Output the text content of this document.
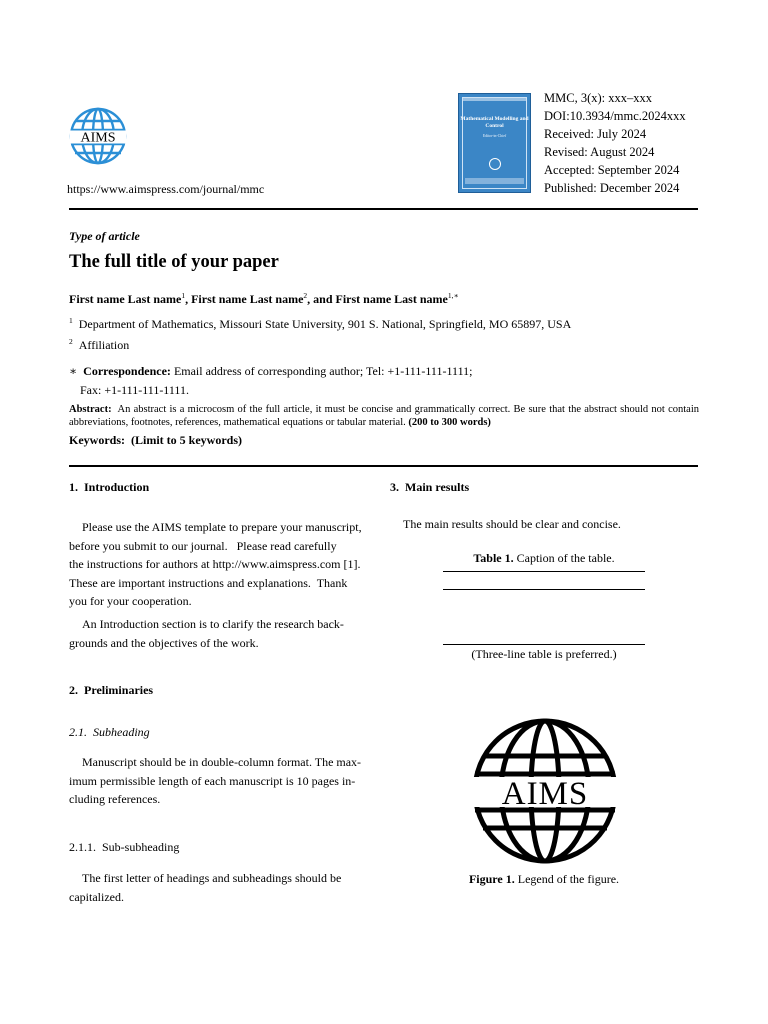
AIMS
https://www.aimspress.com/journal/mmc
Mathematical Modelling and Control
Editor-in-Chief
MMC, 3(x): xxx–xxx
DOI:10.3934/mmc.2024xxx
Received: July 2024
Revised: August 2024
Accepted: September 2024
Published: December 2024
Type of article
The full title of your paper
First name Last name$^1$, First name Last name$^2$, and First name Last name$^{1,∗}$
$^1$ Department of Mathematics, Missouri State University, 901 S. National, Springfield, MO 65897, USA
$^2$ Affiliation
∗ Correspondence: Email address of corresponding author; Tel: +1-111-111-1111;
Fax: +1-111-111-1111.
Abstract: An abstract is a microcosm of the full article, it must be concise and grammatically correct. Be sure that the abstract should not contain abbreviations, footnotes, references, mathematical equations or tabular material. (200 to 300 words)
Keywords: (Limit to 5 keywords)
1.  Introduction
Please use the AIMS template to prepare your manuscript,
before you submit to our journal.   Please read carefully
the instructions for authors at http://www.aimspress.com [1].
These are important instructions and explanations.  Thank
you for your cooperation.
An Introduction section is to clarify the research back-
grounds and the objectives of the work.
2.  Preliminaries
2.1.  Subheading
Manuscript should be in double-column format. The max-
imum permissible length of each manuscript is 10 pages in-
cluding references.
2.1.1.  Sub-subheading
The first letter of headings and subheadings should be
capitalized.
3.  Main results
The main results should be clear and concise.
Table 1. Caption of the table.
(Three-line table is preferred.)
AIMS
Figure 1. Legend of the figure.
